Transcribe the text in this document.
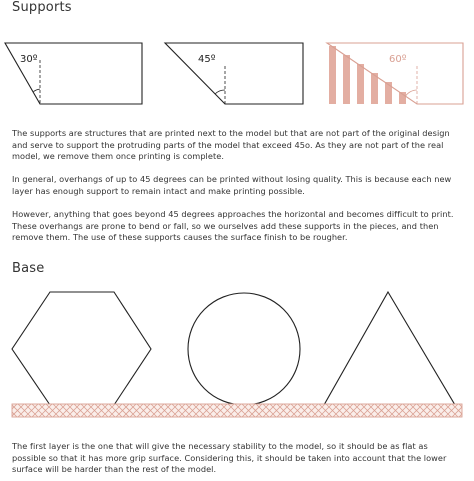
Supports
30º	45º	60º

The supports are structures that are printed next to the model but that are not part of the original design and serve to support the protruding parts of the model that exceed 45o. As they are not part of the real model, we remove them once printing is complete.

In general, overhangs of up to 45 degrees can be printed without losing quality. This is because each new layer has enough support to remain intact and make printing possible.

However, anything that goes beyond 45 degrees approaches the horizontal and becomes difficult to print. These overhangs are prone to bend or fall, so we ourselves add these supports in the pieces, and then remove them. The use of these supports causes the surface finish to be rougher.

Base

The first layer is the one that will give the necessary stability to the model, so it should be as flat as possible so that it has more grip surface. Considering this, it should be taken into account that the lower surface will be harder than the rest of the model.
